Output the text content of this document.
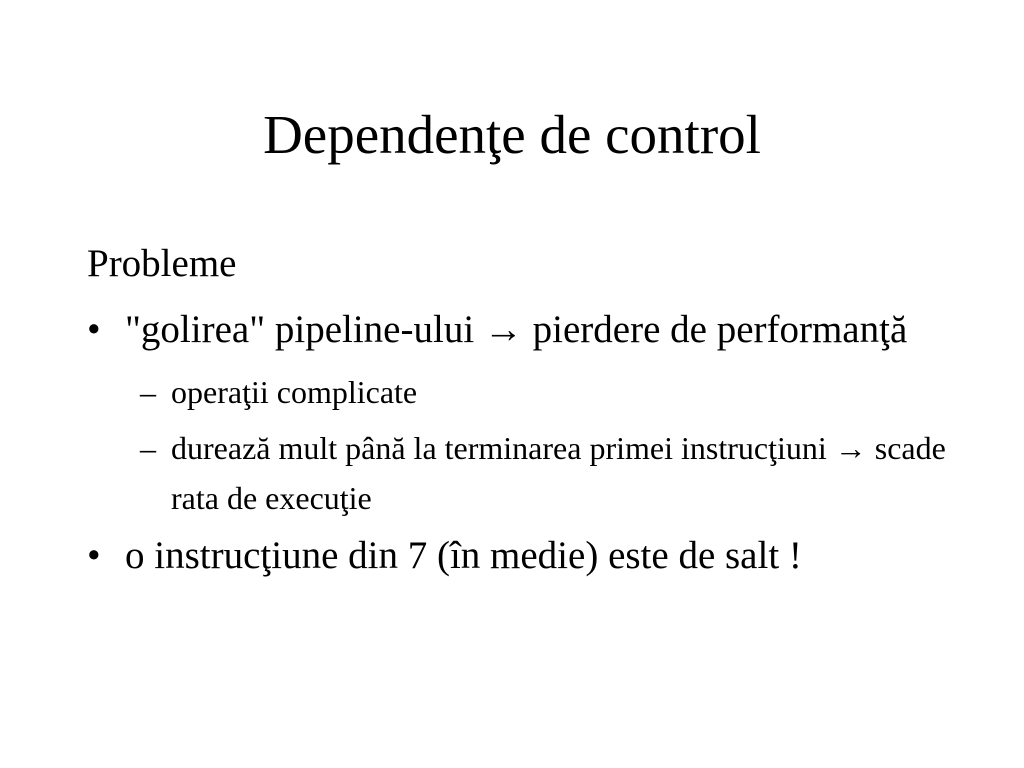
Dependenţe de control
Probleme
• "golirea" pipeline-ului → pierdere de performanţă
– operaţii complicate
– durează mult până la terminarea primei instrucţiuni → scade rata de execuţie
• o instrucţiune din 7 (în medie) este de salt !
